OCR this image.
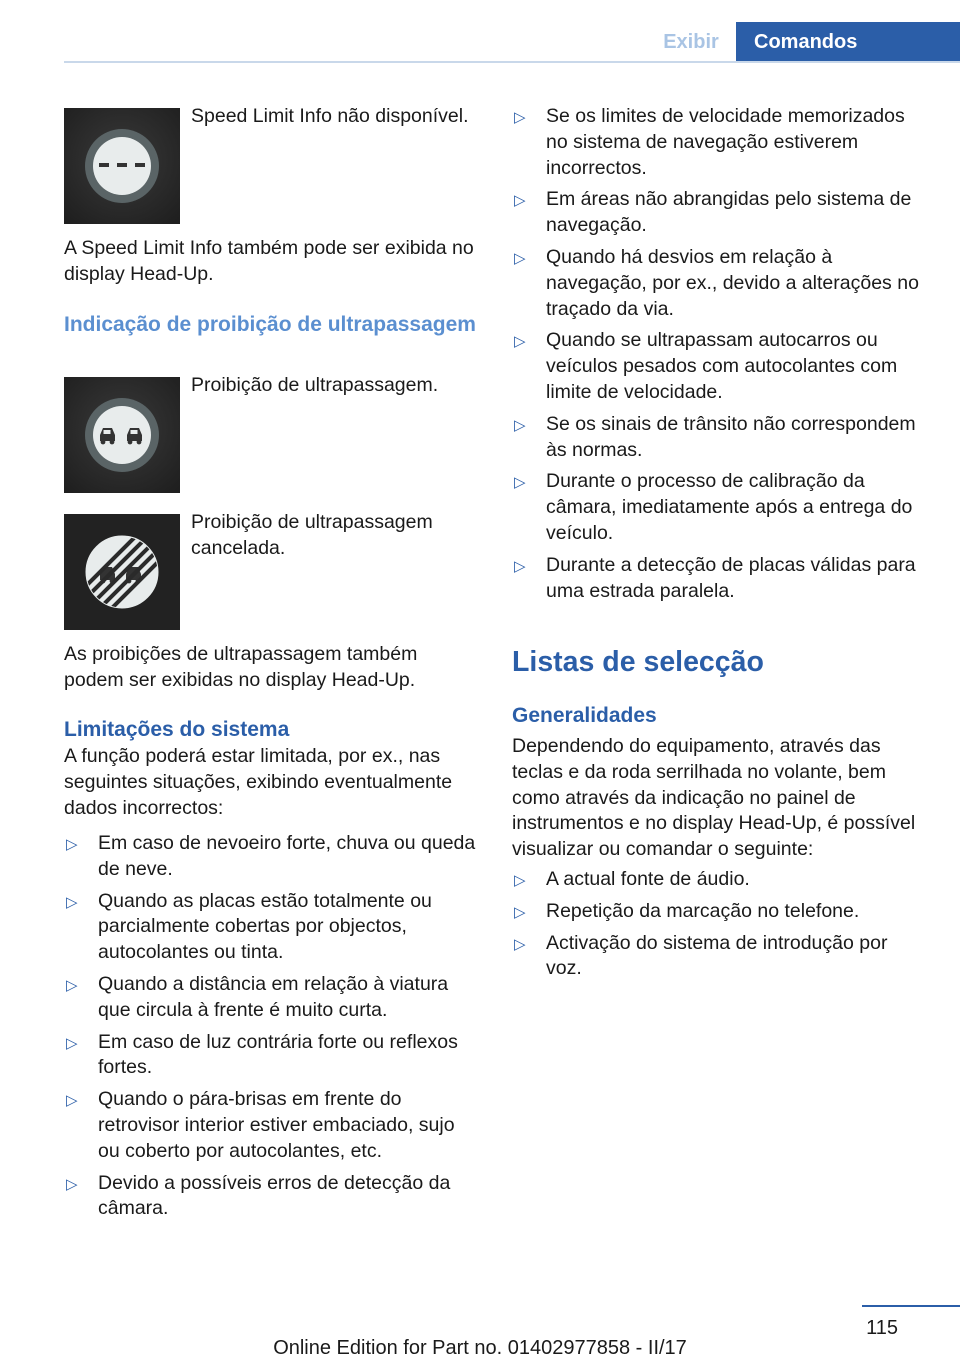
Exibir	Comandos
Speed Limit Info não disponível.

A Speed Limit Info também pode ser exibida no display Head-Up.

Indicação de proibição de ultrapassagem
Proibição de ultrapassagem.
Proibição de ultrapassagem cancelada.

As proibições de ultrapassagem também podem ser exibidas no display Head-Up.

Limitações do sistema

A função poderá estar limitada, por ex., nas seguintes situações, exibindo eventualmente dados incorrectos:

▷ Em caso de nevoeiro forte, chuva ou queda de neve.
▷ Quando as placas estão totalmente ou parcialmente cobertas por objectos, autocolantes ou tinta.
▷ Quando a distância em relação à viatura que circula à frente é muito curta.
▷ Em caso de luz contrária forte ou reflexos fortes.
▷ Quando o pára-brisas em frente do retrovisor interior estiver embaciado, sujo ou coberto por autocolantes, etc.
▷ Devido a possíveis erros de detecção da câmara.
▷ Se os limites de velocidade memorizados no sistema de navegação estiverem incorrectos.
▷ Em áreas não abrangidas pelo sistema de navegação.
▷ Quando há desvios em relação à navegação, por ex., devido a alterações no traçado da via.
▷ Quando se ultrapassam autocarros ou veículos pesados com autocolantes com limite de velocidade.
▷ Se os sinais de trânsito não correspondem às normas.
▷ Durante o processo de calibração da câmara, imediatamente após a entrega do veículo.
▷ Durante a detecção de placas válidas para uma estrada paralela.
Listas de selecção
Generalidades

Dependendo do equipamento, através das teclas e da roda serrilhada no volante, bem como através da indicação no painel de instrumentos e no display Head-Up, é possível visualizar ou comandar o seguinte:

▷ A actual fonte de áudio.
▷ Repetição da marcação no telefone.
▷ Activação do sistema de introdução por voz.
115
Online Edition for Part no. 01402977858 - II/17
